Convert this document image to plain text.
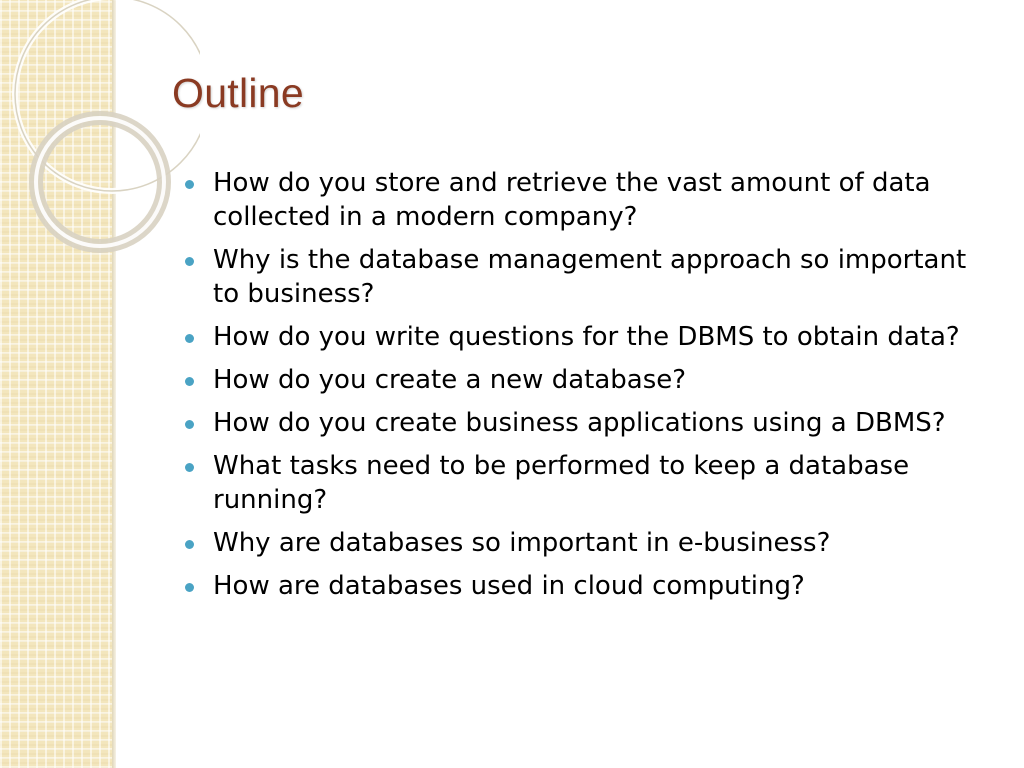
Outline
How do you store and retrieve the vast amount of data collected in a modern company?
Why is the database management approach so important to business?
How do you write questions for the DBMS to obtain data?
How do you create a new database?
How do you create business applications using a DBMS?
What tasks need to be performed to keep a database running?
Why are databases so important in e-business?
How are databases used in cloud computing?
